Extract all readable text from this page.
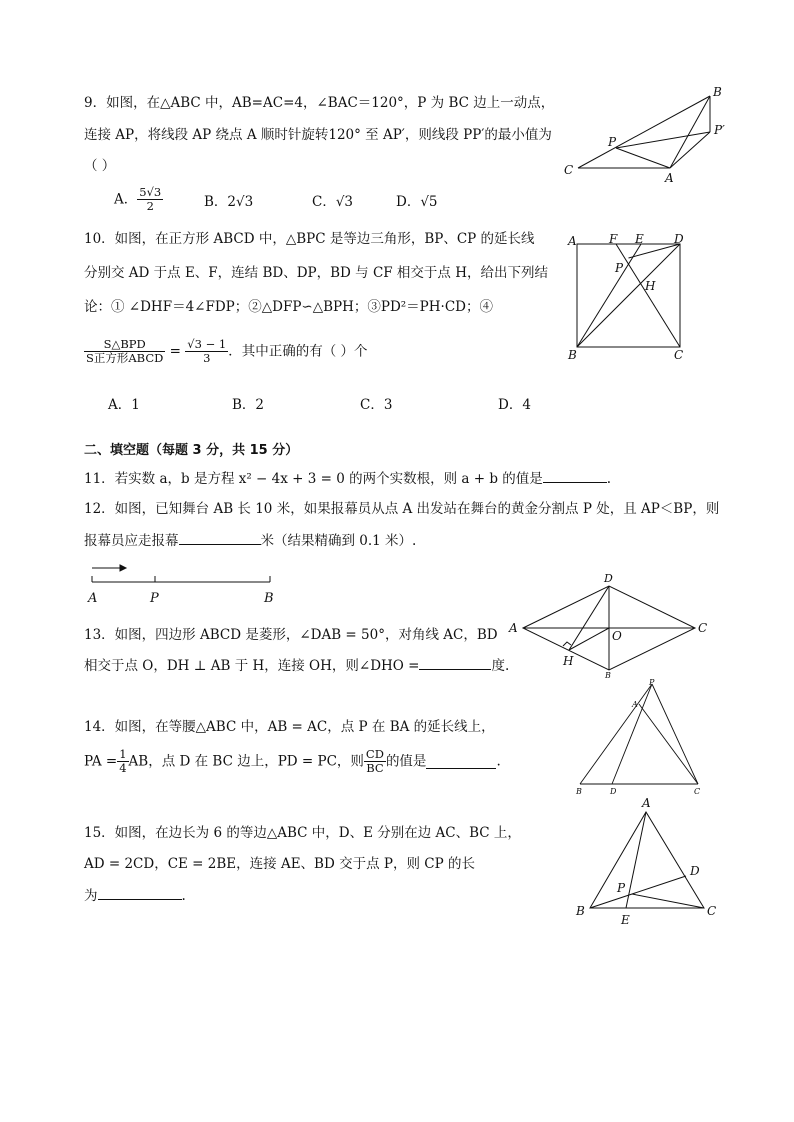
9．如图，在△ABC 中，AB=AC=4，∠BAC＝120°，P 为 BC 边上一动点，
连接 AP，将线段 AP 绕点 A 顺时针旋转120° 至 AP′，则线段 PP′的最小值为
（ ）
A． $\frac{5√3}{2}$	B．2√3	C．√3	D．√5
B
P′
P
C
A
10．如图，在正方形 ABCD 中，△BPC 是等边三角形，BP、CP 的延长线
分别交 AD 于点 E、F，连结 BD、DP，BD 与 CF 相交于点 H，给出下列结
论：① ∠DHF＝4∠FDP；②△DFP∽△BPH；③PD²＝PH·CD；④
$\frac{\text{S△BPD}}{\text{S正方形ABCD}} = \frac{√3 - 1}{3}$ ．其中正确的有（ ）个
A．1	B．2	C．3	D．4
A	F E	D
P
H
B	C
二、填空题（每题 3 分，共 15 分）
11．若实数 a，b 是方程 x² − 4x + 3 = 0 的两个实数根，则 a + b 的值是	.
12．如图，已知舞台 AB 长 10 米，如果报幕员从点 A 出发站在舞台的黄金分割点 P 处，且 AP＜BP，则
报幕员应走报幕	米（结果精确到 0.1 米）.
A	P	B
13．如图，四边形 ABCD 是菱形，∠DAB = 50°，对角线 AC，BD
相交于点 O，DH ⊥ AB 于 H，连接 OH，则∠DHO =	度.
D
A
O
C
H
B
14．如图，在等腰△ABC 中，AB = AC，点 P 在 BA 的延长线上，
PA = $\frac{1}{4}$ AB，点 D 在 BC 边上，PD = PC，则 $\frac{CD}{BC}$ 的值是	.
P
A
B	D	C
15．如图，在边长为 6 的等边△ABC 中，D、E 分别在边 AC、BC 上，
AD = 2CD，CE = 2BE，连接 AE、BD 交于点 P，则 CP 的长
为	.
A
D
P
B
E
C
